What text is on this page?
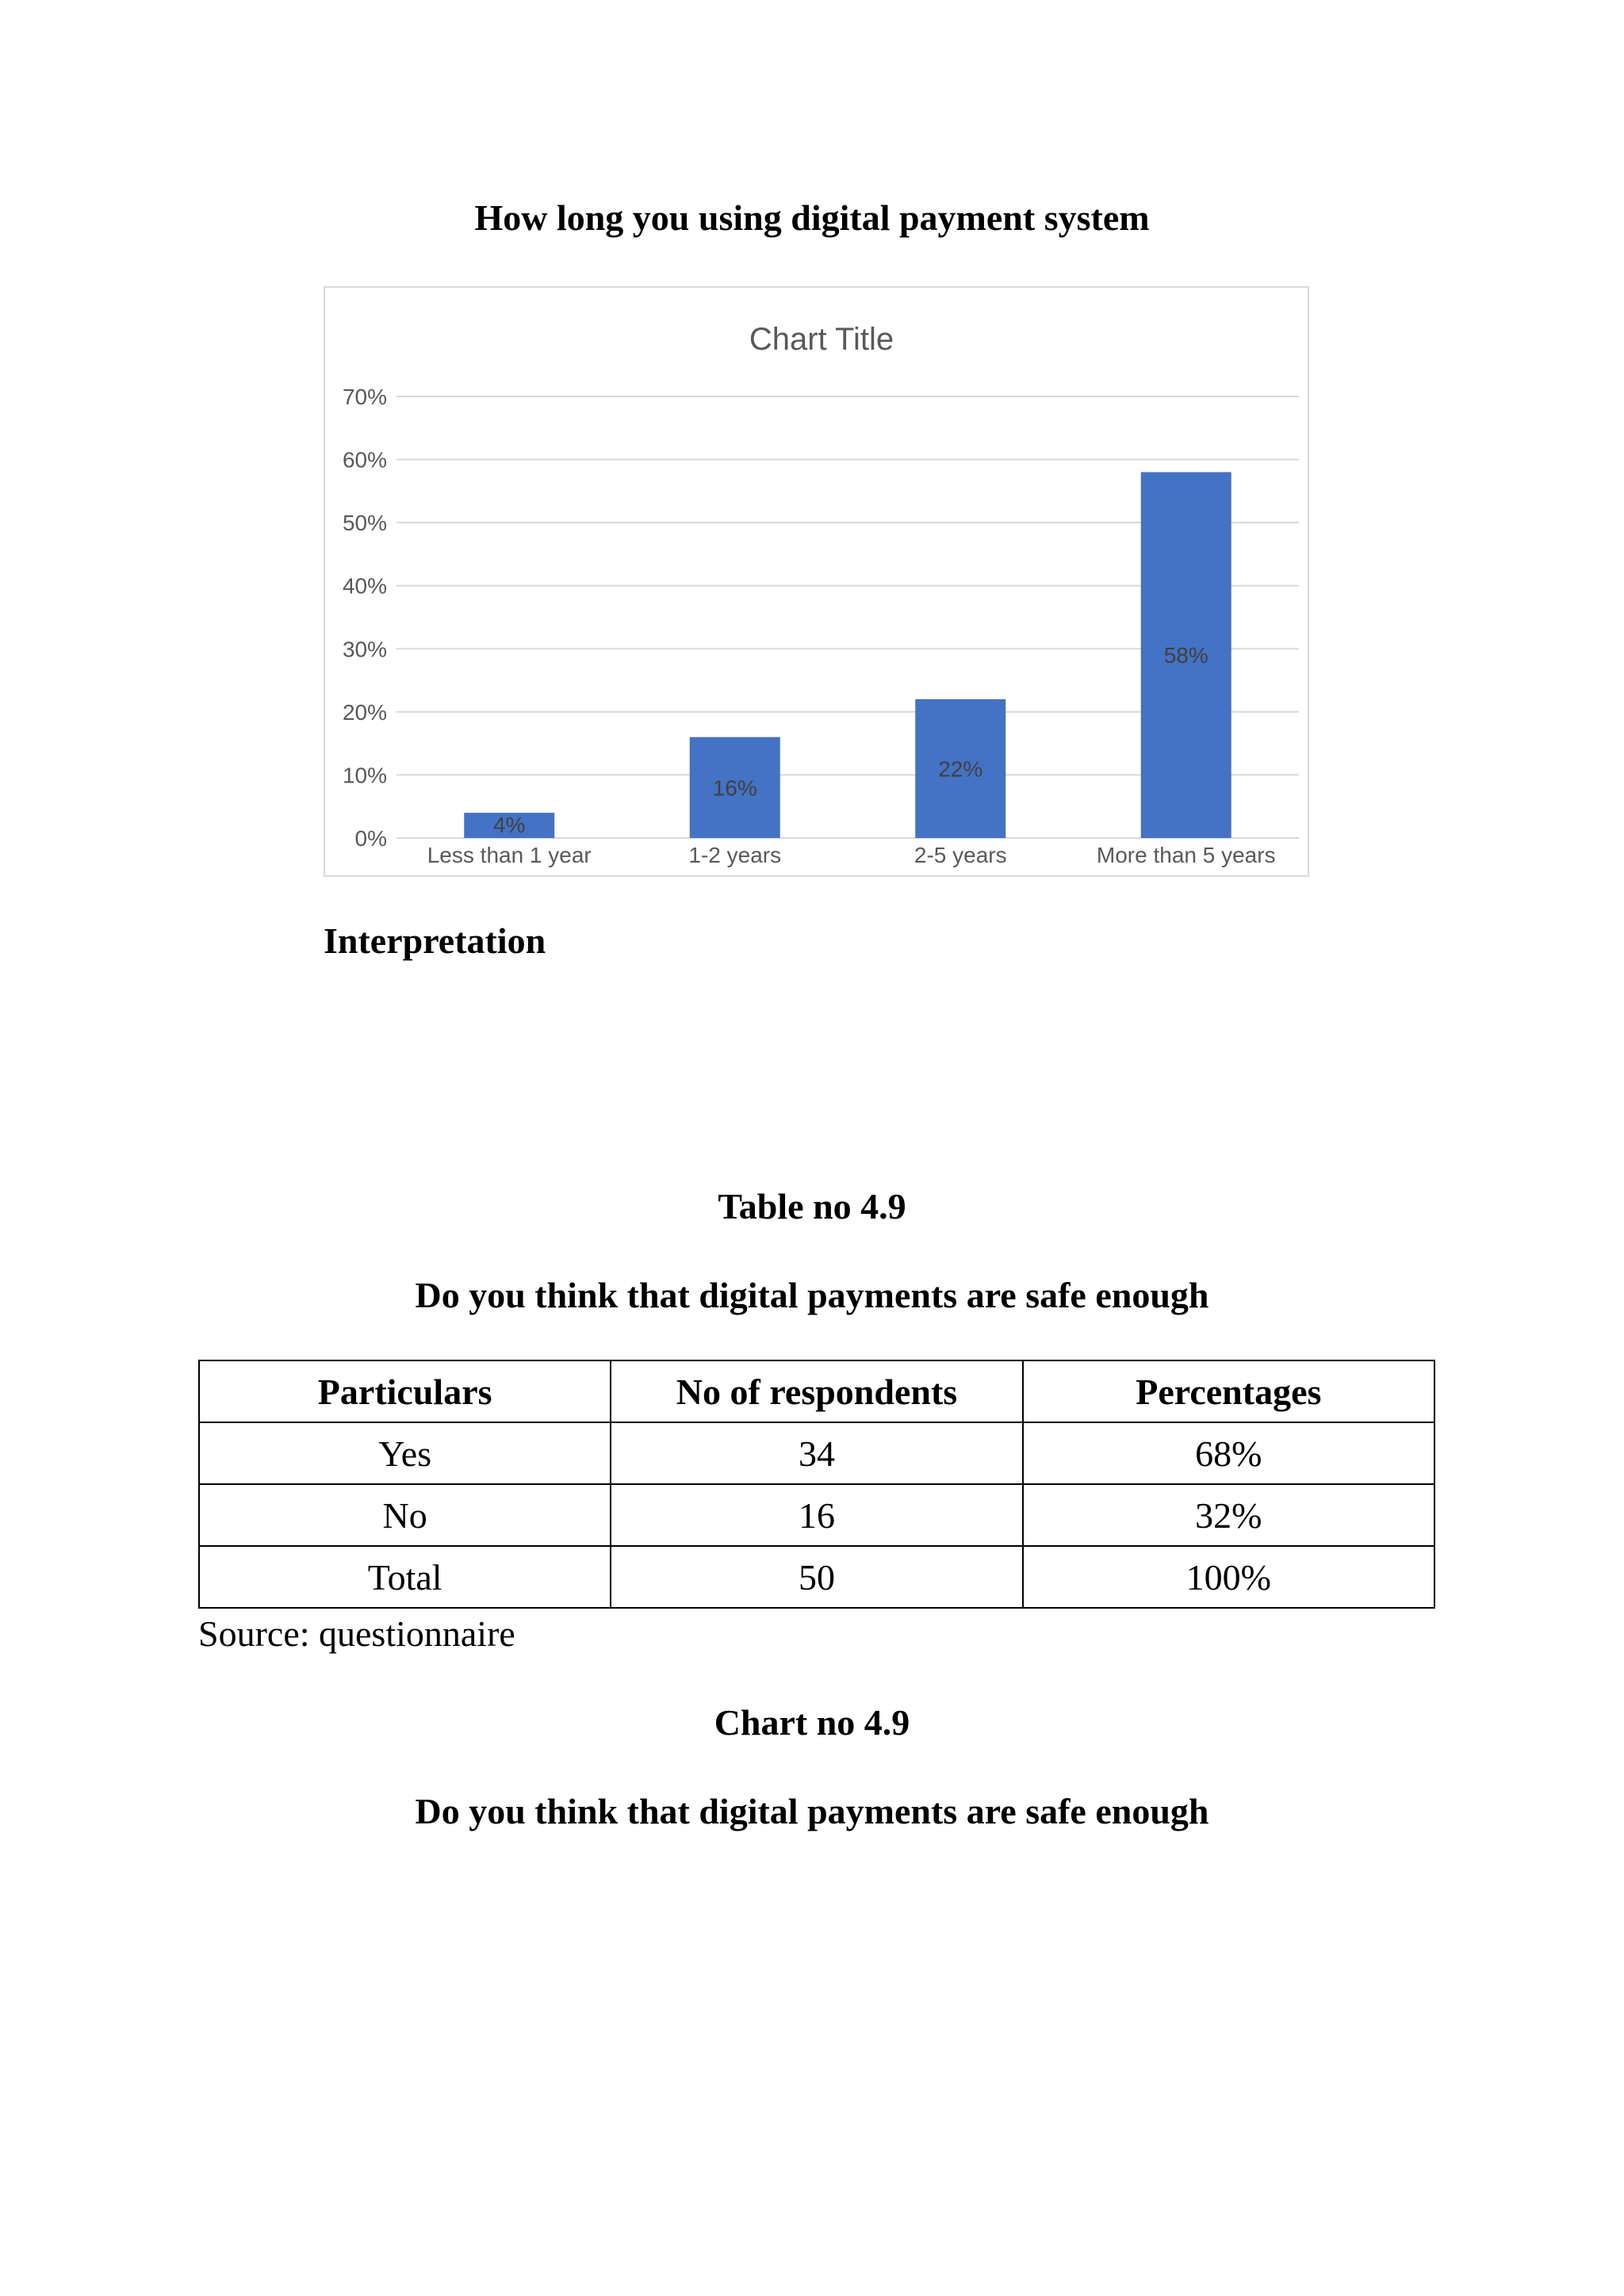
How long you using digital payment system
Chart Title
0%
10%
20%
30%
40%
50%
60%
70%
4%
Less than 1 year
16%
1-2 years
22%
2-5 years
58%
More than 5 years
Interpretation
Table no 4.9
Do you think that digital payments are safe enough
Particulars	No of respondents	Percentages
Yes	34	68%
No	16	32%
Total	50	100%
Source: questionnaire
Chart no 4.9
Do you think that digital payments are safe enough
